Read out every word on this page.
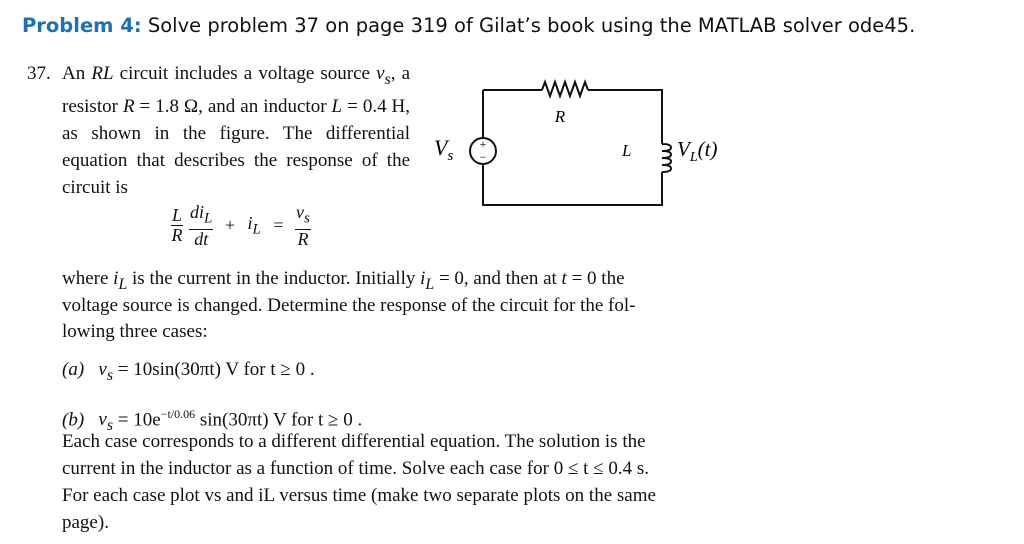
Problem 4: Solve problem 37 on page 319 of Gilat’s book using the MATLAB solver ode45.
37. An RL circuit includes a voltage source $v_s$, a resistor R = 1.8 Ω, and an inductor L = 0.4 H, as shown in the figure. The differential equation that describes the response of the circuit is
+
−
$V_s$
R
L $V_L(t)$
$\frac{L}{R} \frac{di_L}{dt} + i_L = \frac{v_s}{R}$
where $i_L$ is the current in the inductor. Initially $i_L = 0$, and then at t = 0 the
voltage source is changed. Determine the response of the circuit for the fol-
lowing three cases:
(a) $v_s = 10\sin(30\pi t)$ V for t ≥ 0 .
(b) $v_s = 10e^{-t/0.06}$ sin(30πt) V for t ≥ 0 .
Each case corresponds to a different differential equation. The solution is the
current in the inductor as a function of time. Solve each case for 0 ≤ t ≤ 0.4 s.
For each case plot vs and iL versus time (make two separate plots on the same
page).
